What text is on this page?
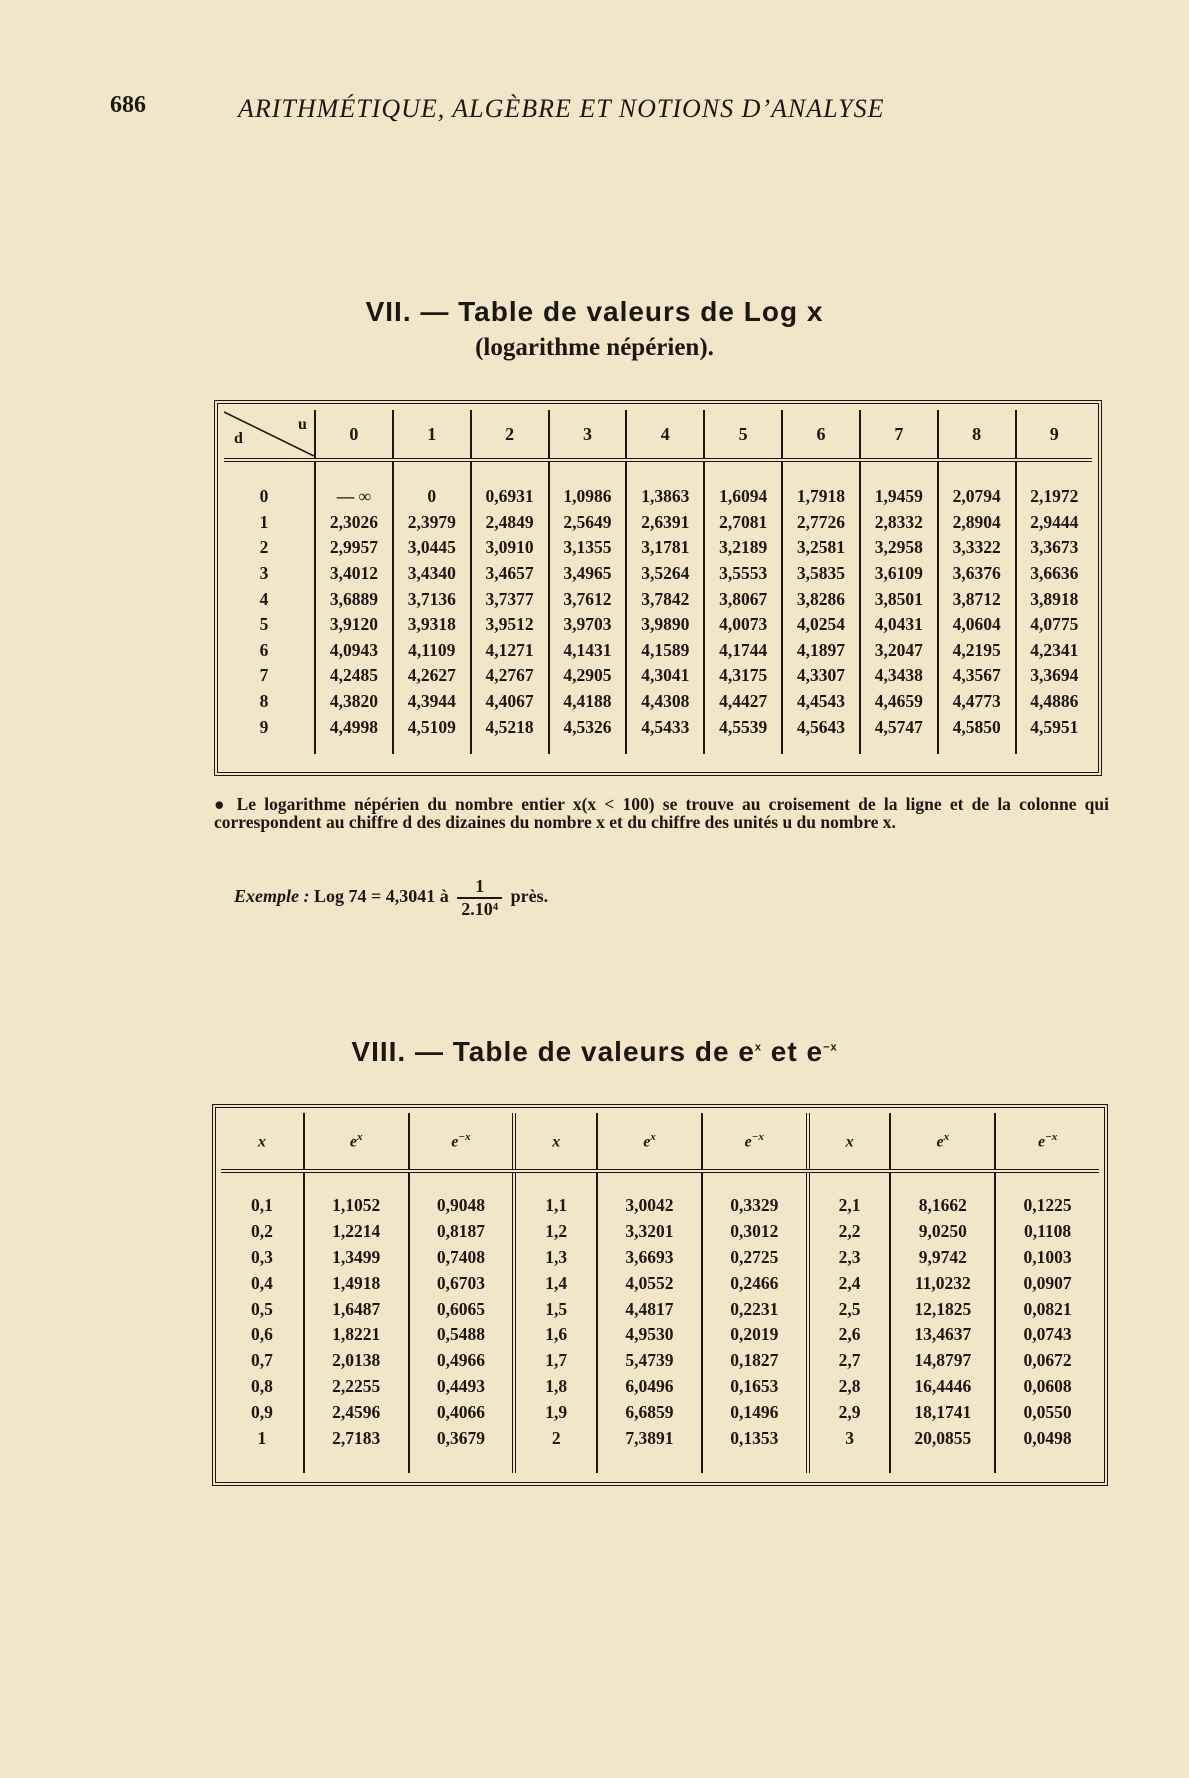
686	ARITHMÉTIQUE, ALGÈBRE ET NOTIONS D’ANALYSE
VII. — Table de valeurs de Log x
(logarithme népérien).
d
u	0	1	2	3	4	5	6	7	8	9

0	— ∞	0	0,6931	1,0986	1,3863	1,6094	1,7918	1,9459	2,0794	2,1972
1	2,3026	2,3979	2,4849	2,5649	2,6391	2,7081	2,7726	2,8332	2,8904	2,9444
2	2,9957	3,0445	3,0910	3,1355	3,1781	3,2189	3,2581	3,2958	3,3322	3,3673
3	3,4012	3,4340	3,4657	3,4965	3,5264	3,5553	3,5835	3,6109	3,6376	3,6636
4	3,6889	3,7136	3,7377	3,7612	3,7842	3,8067	3,8286	3,8501	3,8712	3,8918
5	3,9120	3,9318	3,9512	3,9703	3,9890	4,0073	4,0254	4,0431	4,0604	4,0775
6	4,0943	4,1109	4,1271	4,1431	4,1589	4,1744	4,1897	3,2047	4,2195	4,2341
7	4,2485	4,2627	4,2767	4,2905	4,3041	4,3175	4,3307	4,3438	4,3567	3,3694
8	4,3820	4,3944	4,4067	4,4188	4,4308	4,4427	4,4543	4,4659	4,4773	4,4886
9	4,4998	4,5109	4,5218	4,5326	4,5433	4,5539	4,5643	4,5747	4,5850	4,5951

● Le logarithme népérien du nombre entier x(x < 100) se trouve au croisement de la ligne et de la colonne qui correspondent au chiffre d des dizaines du nombre x et du chiffre des unités u du nombre x.
Exemple : Log 74 = 4,3041 à $\frac{1}{\text{2.10⁴}}$ près.
VIII. — Table de valeurs de $e^x$ et $e^{-x}$
x	$e^x$	$e^{-x}$	x	$e^x$	$e^{-x}$	x	$e^x$	$e^{-x}$

0,1	1,1052	0,9048	1,1	3,0042	0,3329	2,1	8,1662	0,1225
0,2	1,2214	0,8187	1,2	3,3201	0,3012	2,2	9,0250	0,1108
0,3	1,3499	0,7408	1,3	3,6693	0,2725	2,3	9,9742	0,1003
0,4	1,4918	0,6703	1,4	4,0552	0,2466	2,4	11,0232	0,0907
0,5	1,6487	0,6065	1,5	4,4817	0,2231	2,5	12,1825	0,0821
0,6	1,8221	0,5488	1,6	4,9530	0,2019	2,6	13,4637	0,0743
0,7	2,0138	0,4966	1,7	5,4739	0,1827	2,7	14,8797	0,0672
0,8	2,2255	0,4493	1,8	6,0496	0,1653	2,8	16,4446	0,0608
0,9	2,4596	0,4066	1,9	6,6859	0,1496	2,9	18,1741	0,0550
1	2,7183	0,3679	2	7,3891	0,1353	3	20,0855	0,0498
